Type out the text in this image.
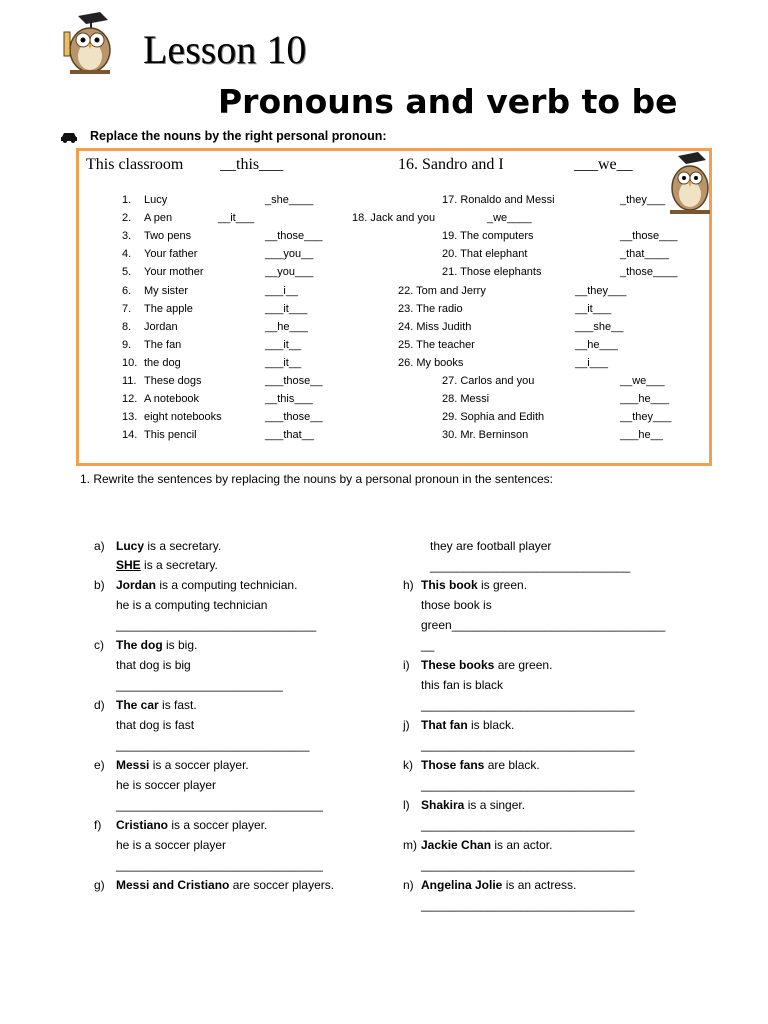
Lesson 10
Pronouns and verb to be
Replace the nouns by the right personal pronoun:
This classroom __this___	16. Sandro and I	___we__
1. Lucy	_she____
2. A pen	__it___
3. Two pens	__those___
4. Your father	___you__
5. Your mother	__you___
6. My sister	___i__
7. The apple	___it___
8. Jordan	__he___
9. The fan	___it__
10. the dog	___it__
11. These dogs	___those__
12. A notebook	__this___
13. eight notebooks	___those__
14. This pencil	___that__
17. Ronaldo and Messi	_they___
18. Jack and you	_we____
19. The computers	__those___
20. That elephant	_that____
21. Those elephants	_those____
22. Tom and Jerry	__they___
23. The radio	__it___
24. Miss Judith	___she__
25. The teacher	__he___
26. My books	__i___
27. Carlos and you	__we___
28. Messi	___he___
29. Sophia and Edith	__they___
30. Mr. Berninson	___he__
1. Rewrite the sentences by replacing the nouns by a personal pronoun in the sentences:
a) Lucy is a secretary.
SHE is a secretary.
b) Jordan is a computing technician.
he is a computing technician
______________________________
c) The dog is big.
that dog is big
_________________________
d) The car is fast.
that dog is fast
_____________________________
e) Messi is a soccer player.
he is soccer player
_______________________________
f) Cristiano is a soccer player.
he is a soccer player
_______________________________
g) Messi and Cristiano are soccer players.
they are football player
______________________________
h) This book is green.
those book is
green________________________________
__
i) These books are green.
this fan is black
________________________________
j) That fan is black.
________________________________
k) Those fans are black.
________________________________
l) Shakira is a singer.
________________________________
m) Jackie Chan is an actor.
________________________________
n) Angelina Jolie is an actress.
________________________________
